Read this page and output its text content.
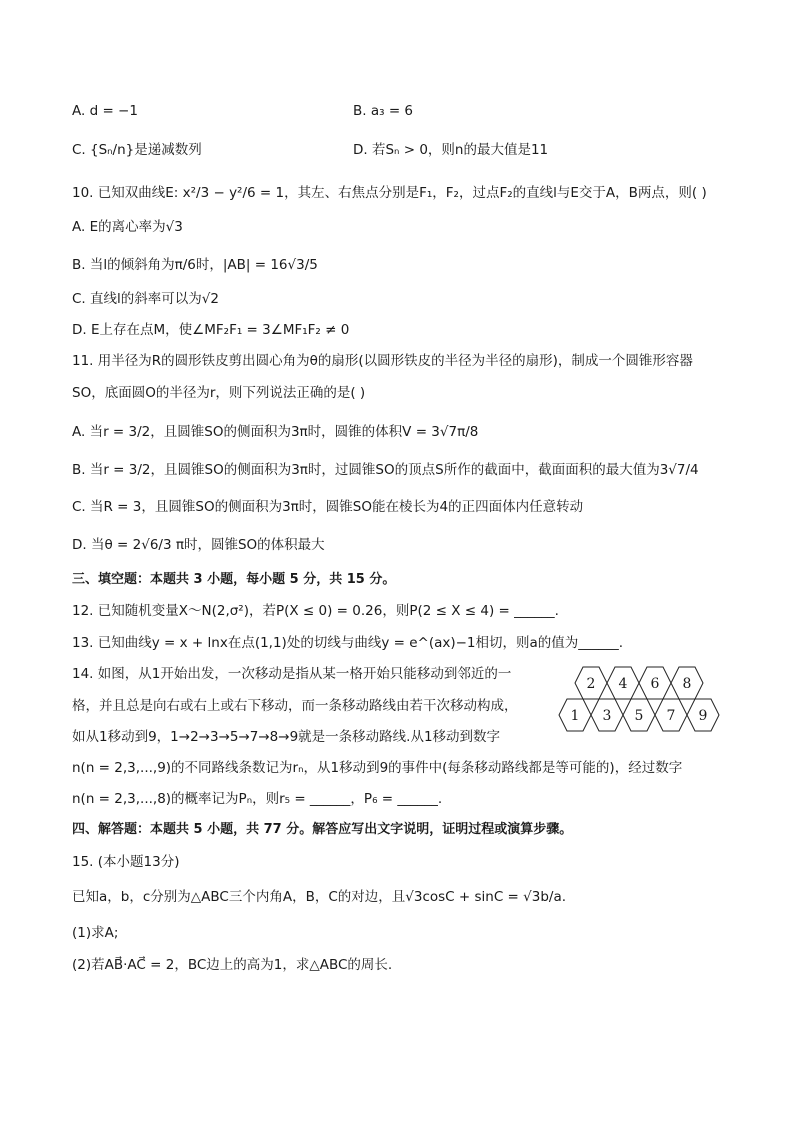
A. d = −1	B. a₃ = 6
C. {Sₙ/n}是递减数列	D. 若Sₙ > 0，则n的最大值是11
10. 已知双曲线E: x²/3 − y²/6 = 1，其左、右焦点分别是F₁，F₂，过点F₂的直线l与E交于A，B两点，则( )
A. E的离心率为√3
B. 当l的倾斜角为π/6时，|AB| = 16√3/5
C. 直线l的斜率可以为√2
D. E上存在点M，使∠MF₂F₁ = 3∠MF₁F₂ ≠ 0
11. 用半径为R的圆形铁皮剪出圆心角为θ的扇形(以圆形铁皮的半径为半径的扇形)，制成一个圆锥形容器
SO，底面圆O的半径为r，则下列说法正确的是( )
A. 当r = 3/2，且圆锥SO的侧面积为3π时，圆锥的体积V = 3√7π/8
B. 当r = 3/2，且圆锥SO的侧面积为3π时，过圆锥SO的顶点S所作的截面中，截面面积的最大值为3√7/4
C. 当R = 3，且圆锥SO的侧面积为3π时，圆锥SO能在棱长为4的正四面体内任意转动
D. 当θ = 2√6/3 π时，圆锥SO的体积最大
三、填空题：本题共 3 小题，每小题 5 分，共 15 分。
12. 已知随机变量X～N(2,σ²)，若P(X ≤ 0) = 0.26，则P(2 ≤ X ≤ 4) = ______.
13. 已知曲线y = x + lnx在点(1,1)处的切线与曲线y = e^(ax)−1相切，则a的值为______.
14. 如图，从1开始出发，一次移动是指从某一格开始只能移动到邻近的一
格，并且总是向右或右上或右下移动，而一条移动路线由若干次移动构成，
如从1移动到9，1→2→3→5→7→8→9就是一条移动路线.从1移动到数字
n(n = 2,3,...,9)的不同路线条数记为rₙ，从1移动到9的事件中(每条移动路线都是等可能的)，经过数字
n(n = 2,3,...,8)的概率记为Pₙ，则r₅ = ______，P₆ = ______.
2 4 6 8
1 3 5 7 9
四、解答题：本题共 5 小题，共 77 分。解答应写出文字说明，证明过程或演算步骤。
15. (本小题13分)
已知a，b，c分别为△ABC三个内角A，B，C的对边，且√3cosC + sinC = √3b/a.
(1)求A;
(2)若AB⃗·AC⃗ = 2，BC边上的高为1，求△ABC的周长.
